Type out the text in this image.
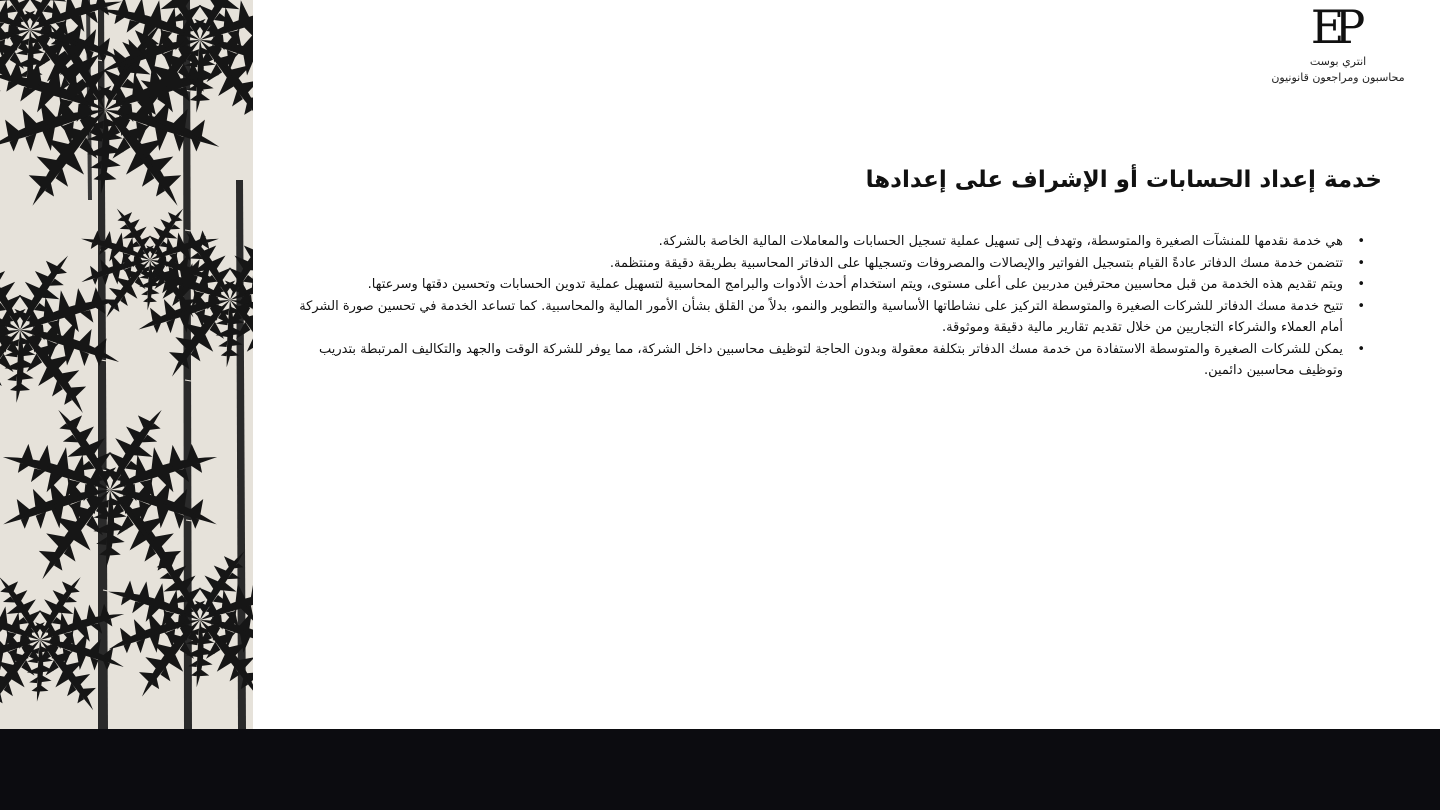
EP
انتري بوست
محاسبون ومراجعون قانونيون
خدمة إعداد الحسابات أو الإشراف على إعدادها
• هي خدمة نقدمها للمنشآت الصغيرة والمتوسطة، وتهدف إلى تسهيل عملية تسجيل الحسابات والمعاملات المالية الخاصة بالشركة.
• تتضمن خدمة مسك الدفاتر عادةً القيام بتسجيل الفواتير والإيصالات والمصروفات وتسجيلها على الدفاتر المحاسبية بطريقة دقيقة ومنتظمة.
• ويتم تقديم هذه الخدمة من قبل محاسبين محترفين مدربين على أعلى مستوى، ويتم استخدام أحدث الأدوات والبرامج المحاسبية لتسهيل عملية تدوين الحسابات وتحسين دقتها وسرعتها.
• تتيح خدمة مسك الدفاتر للشركات الصغيرة والمتوسطة التركيز على نشاطاتها الأساسية والتطوير والنمو، بدلاً من القلق بشأن الأمور المالية والمحاسبية. كما تساعد الخدمة في تحسين صورة الشركة أمام العملاء والشركاء التجاريين من خلال تقديم تقارير مالية دقيقة وموثوقة.
• يمكن للشركات الصغيرة والمتوسطة الاستفادة من خدمة مسك الدفاتر بتكلفة معقولة وبدون الحاجة لتوظيف محاسبين داخل الشركة، مما يوفر للشركة الوقت والجهد والتكاليف المرتبطة بتدريب وتوظيف محاسبين دائمين.
